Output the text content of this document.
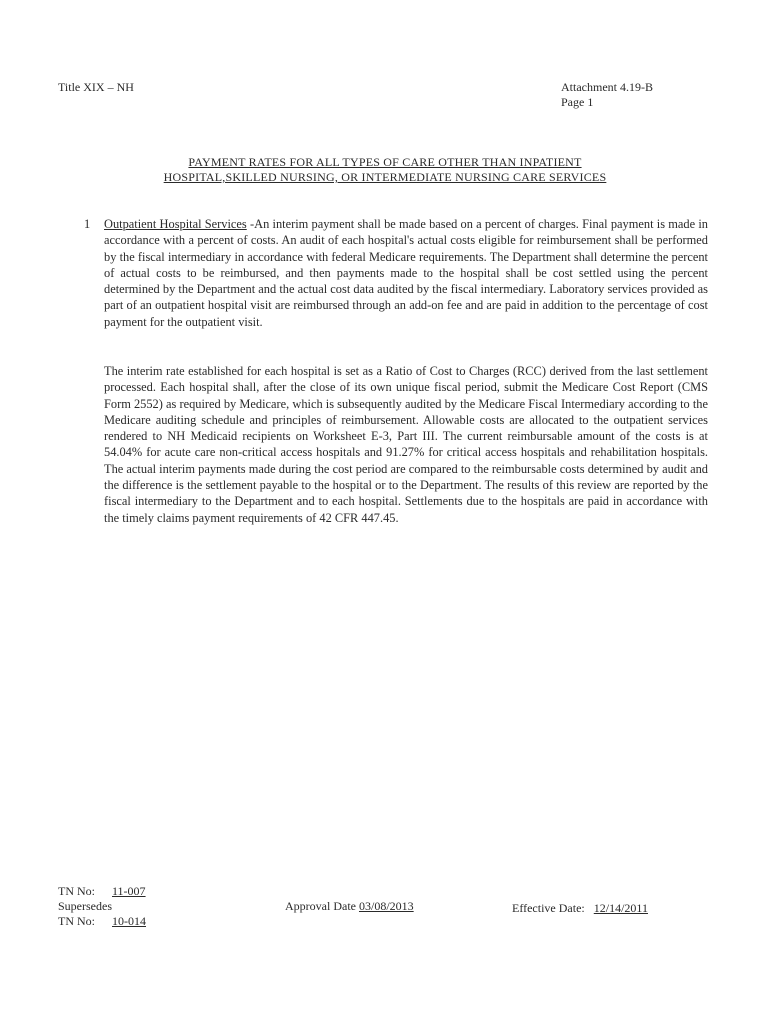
Title XIX – NH	Attachment 4.19-B
Page 1
PAYMENT RATES FOR ALL TYPES OF CARE OTHER THAN INPATIENT
HOSPITAL,SKILLED NURSING, OR INTERMEDIATE NURSING CARE SERVICES
1 Outpatient Hospital Services -An interim payment shall be made based on a percent of charges. Final payment is made in accordance with a percent of costs. An audit of each hospital's actual costs eligible for reimbursement shall be performed by the fiscal intermediary in accordance with federal Medicare requirements. The Department shall determine the percent of actual costs to be reimbursed, and then payments made to the hospital shall be cost settled using the percent determined by the Department and the actual cost data audited by the fiscal intermediary. Laboratory services provided as part of an outpatient hospital visit are reimbursed through an add-on fee and are paid in addition to the percentage of cost payment for the outpatient visit.
The interim rate established for each hospital is set as a Ratio of Cost to Charges (RCC) derived from the last settlement processed. Each hospital shall, after the close of its own unique fiscal period, submit the Medicare Cost Report (CMS Form 2552) as required by Medicare, which is subsequently audited by the Medicare Fiscal Intermediary according to the Medicare auditing schedule and principles of reimbursement. Allowable costs are allocated to the outpatient services rendered to NH Medicaid recipients on Worksheet E-3, Part III. The current reimbursable amount of the costs is at 54.04% for acute care non-critical access hospitals and 91.27% for critical access hospitals and rehabilitation hospitals. The actual interim payments made during the cost period are compared to the reimbursable costs determined by audit and the difference is the settlement payable to the hospital or to the Department. The results of this review are reported by the fiscal intermediary to the Department and to each hospital. Settlements due to the hospitals are paid in accordance with the timely claims payment requirements of 42 CFR 447.45.
TN No: 11-007
Supersedes
TN No: 10-014
Approval Date 03/08/2013	Effective Date: 12/14/2011
